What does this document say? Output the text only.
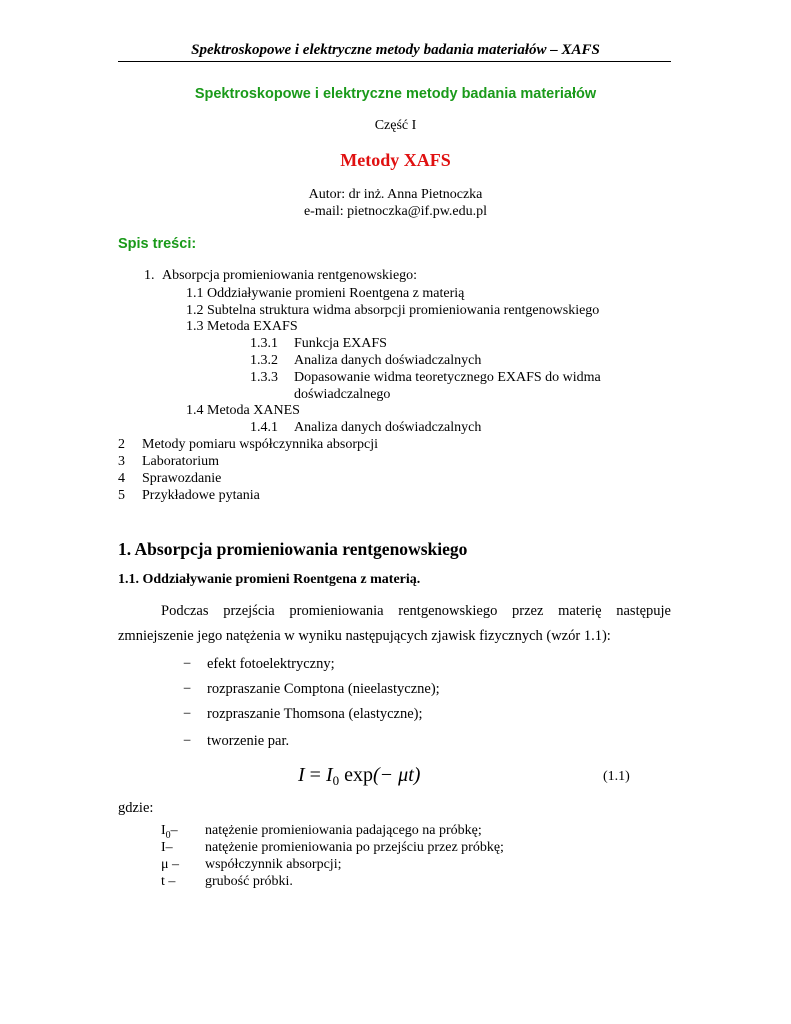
Spektroskopowe i elektryczne metody badania materiałów – XAFS
Spektroskopowe i elektryczne metody badania materiałów
Część I
Metody XAFS
Autor: dr inż. Anna Pietnoczka
e-mail: pietnoczka@if.pw.edu.pl
Spis treści:
1. Absorpcja promieniowania rentgenowskiego:
1.1 Oddziaływanie promieni Roentgena z materią
1.2 Subtelna struktura widma absorpcji promieniowania rentgenowskiego
1.3 Metoda EXAFS
1.3.1 Funkcja EXAFS
1.3.2 Analiza danych doświadczalnych
1.3.3 Dopasowanie widma teoretycznego EXAFS do widma
doświadczalnego
1.4 Metoda XANES
1.4.1 Analiza danych doświadczalnych
2 Metody pomiaru współczynnika absorpcji
3 Laboratorium
4 Sprawozdanie
5 Przykładowe pytania
1. Absorpcja promieniowania rentgenowskiego
1.1. Oddziaływanie promieni Roentgena z materią.
Podczas przejścia promieniowania rentgenowskiego przez materię następuje
zmniejszenie jego natężenia w wyniku następujących zjawisk fizycznych (wzór 1.1):
− efekt fotoelektryczny;
− rozpraszanie Comptona (nieelastyczne);
− rozpraszanie Thomsona (elastyczne);
− tworzenie par.
$I = I_0$ exp(− μt)	(1.1)
gdzie:
$I_0-$ natężenie promieniowania padającego na próbkę;
I– natężenie promieniowania po przejściu przez próbkę;
μ – współczynnik absorpcji;
t – grubość próbki.
